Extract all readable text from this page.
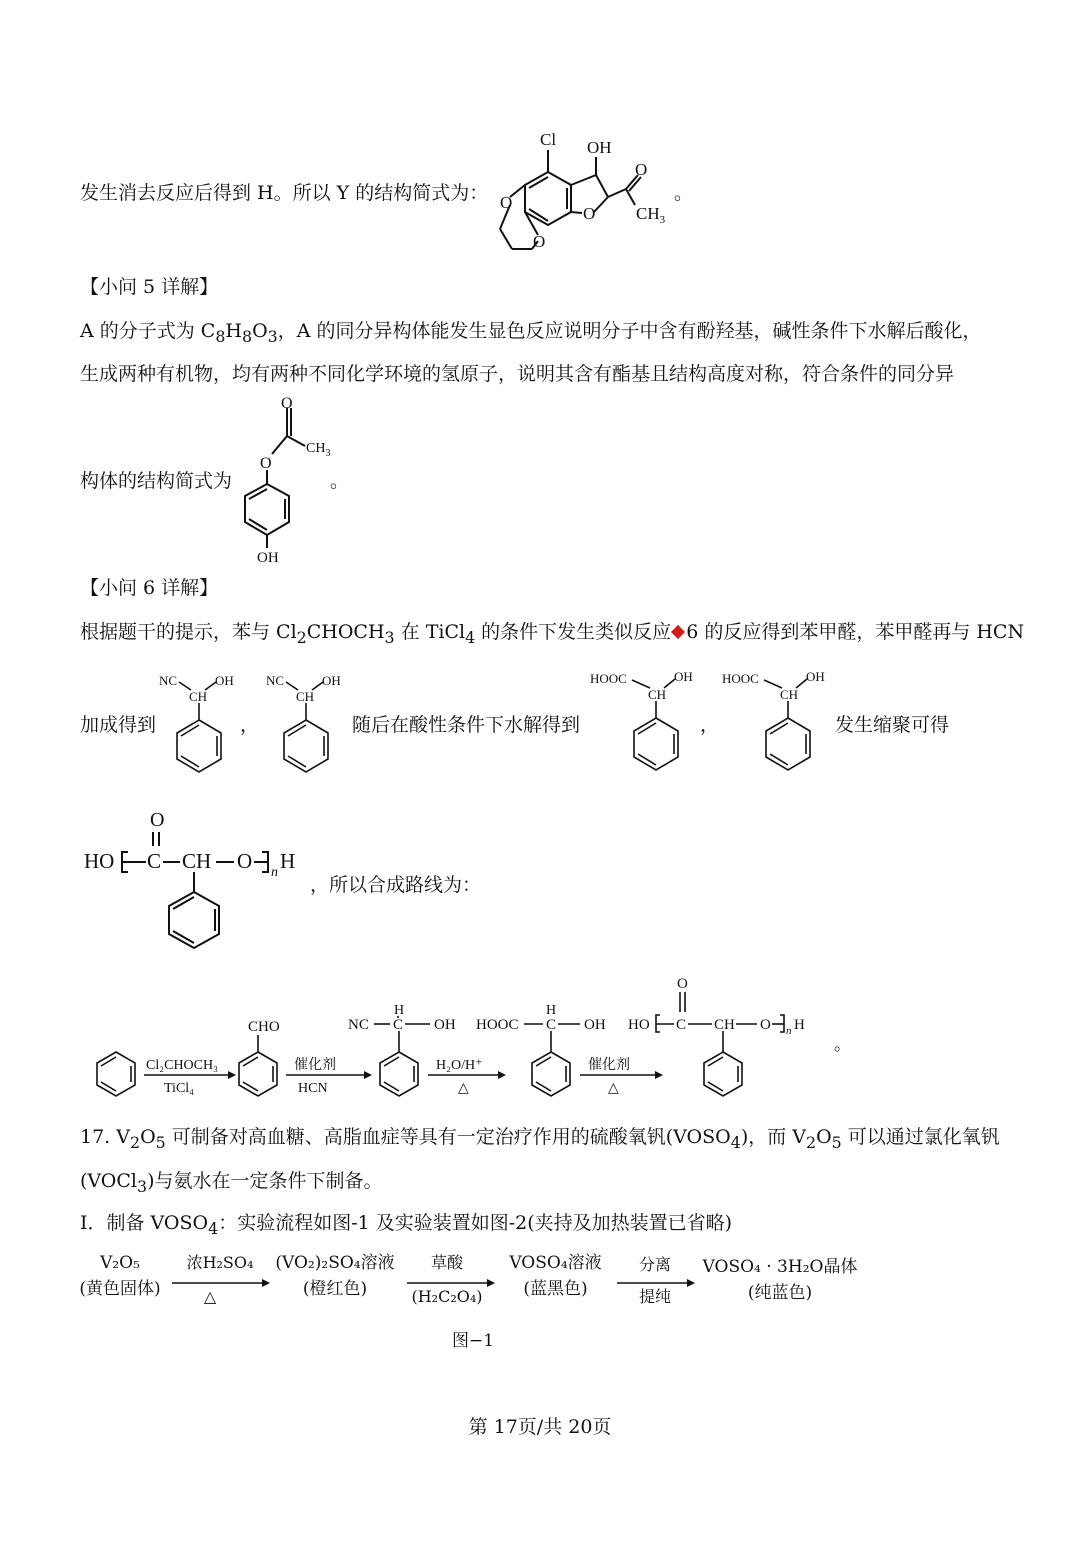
发生消去反应后得到 H。所以 Y 的结构简式为：
Cl OH
O
O
$CH_3$
O
O
。
【小问 5 详解】
A 的分子式为 $C_8H_8O_3$，A 的同分异构体能发生显色反应说明分子中含有酚羟基，碱性条件下水解后酸化，
生成两种有机物，均有两种不同化学环境的氢原子，说明其含有酯基且结构高度对称，符合条件的同分异
构体的结构简式为
O
O
$CH_3$
OH
。
【小问 6 详解】
根据题干的提示，苯与 $Cl_2CHOCH_3$ 在 TiCl$_4$ 的条件下发生类似反应 6 的反应得到苯甲醛，苯甲醛再与 HCN
加成得到
NC	OH
CH
，
NC	OH
CH
随后在酸性条件下水解得到
HOOC	OH
CH
，
HOOC	OH
CH
发生缩聚可得
O
HO C CH O n H
，所以合成路线为：
Cl₂CHOCH₃
TiCl₄
CHO
催化剂
HCN
NC
H
C OH
H₂O/H⁺
△
HOOC
H
C OH
催化剂
△
O
HO C CH O n H
。
17. $V_2O_5$ 可制备对高血糖、高脂血症等具有一定治疗作用的硫酸氧钒$(VOSO_4)$，而 $V_2O_5$ 可以通过氯化氧钒
(VOCl$_3$)与氨水在一定条件下制备。
Ⅰ．制备 $VOSO_4$：实验流程如图-1 及实验装置如图-2(夹持及加热装置已省略)
V₂O₅
(黄色固体)
浓H₂SO₄
△
(VO₂)₂SO₄溶液
(橙红色)
草酸
(H₂C₂O₄)
VOSO₄溶液
(蓝黑色)
分离
提纯
VOSO₄ · 3H₂O晶体
(纯蓝色)
图−1
第 17页/共 20页
